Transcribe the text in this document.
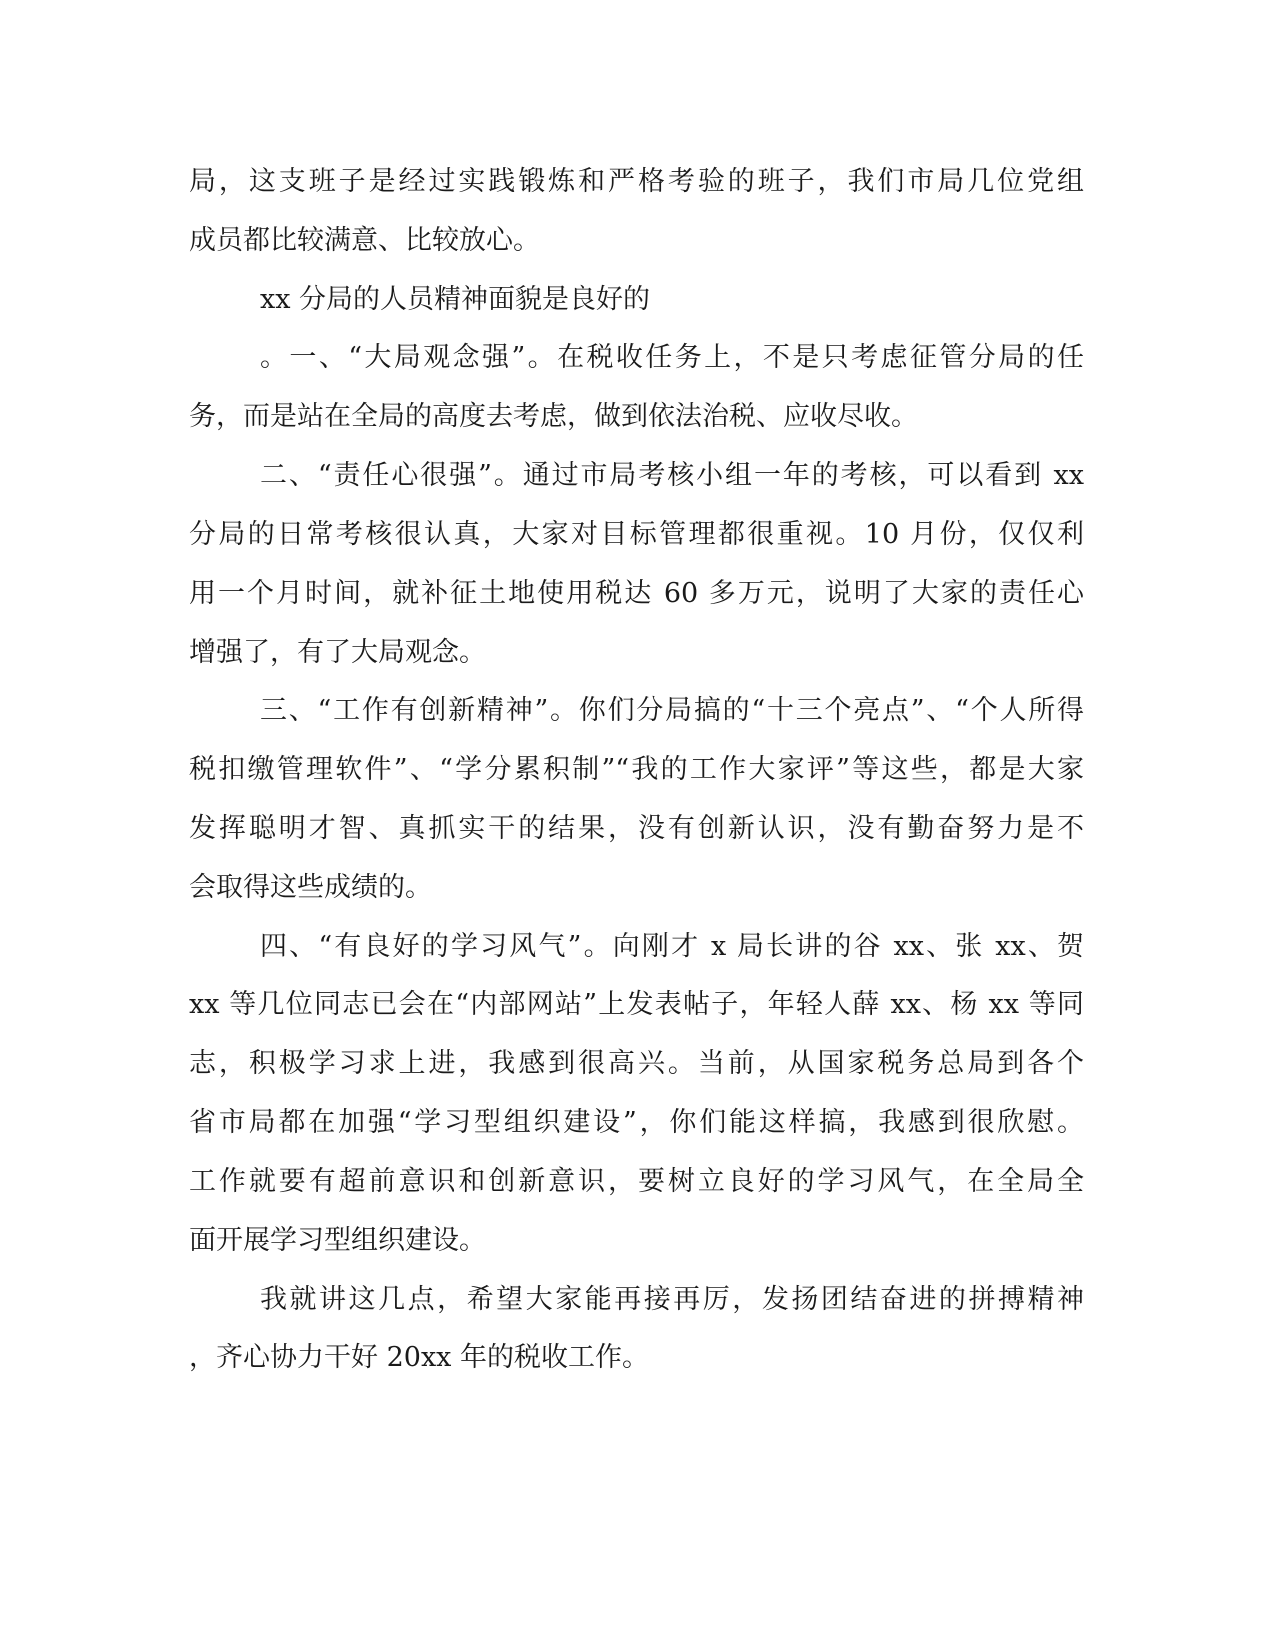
局，这支班子是经过实践锻炼和严格考验的班子，我们市局几位党组
成员都比较满意、比较放心。
xx 分局的人员精神面貌是良好的
。一、“大局观念强”。在税收任务上，不是只考虑征管分局的任
务，而是站在全局的高度去考虑，做到依法治税、应收尽收。
二、“责任心很强”。通过市局考核小组一年的考核，可以看到 xx
分局的日常考核很认真，大家对目标管理都很重视。10 月份，仅仅利
用一个月时间，就补征土地使用税达 60 多万元，说明了大家的责任心
增强了，有了大局观念。
三、“工作有创新精神”。你们分局搞的“十三个亮点”、“个人所得
税扣缴管理软件”、“学分累积制”“我的工作大家评”等这些，都是大家
发挥聪明才智、真抓实干的结果，没有创新认识，没有勤奋努力是不
会取得这些成绩的。
四、“有良好的学习风气”。向刚才 x 局长讲的谷 xx、张 xx、贺
xx 等几位同志已会在“内部网站”上发表帖子，年轻人薛 xx、杨 xx 等同
志，积极学习求上进，我感到很高兴。当前，从国家税务总局到各个
省市局都在加强“学习型组织建设”，你们能这样搞，我感到很欣慰。
工作就要有超前意识和创新意识，要树立良好的学习风气，在全局全
面开展学习型组织建设。
我就讲这几点，希望大家能再接再厉，发扬团结奋进的拼搏精神
，齐心协力干好 20xx 年的税收工作。
